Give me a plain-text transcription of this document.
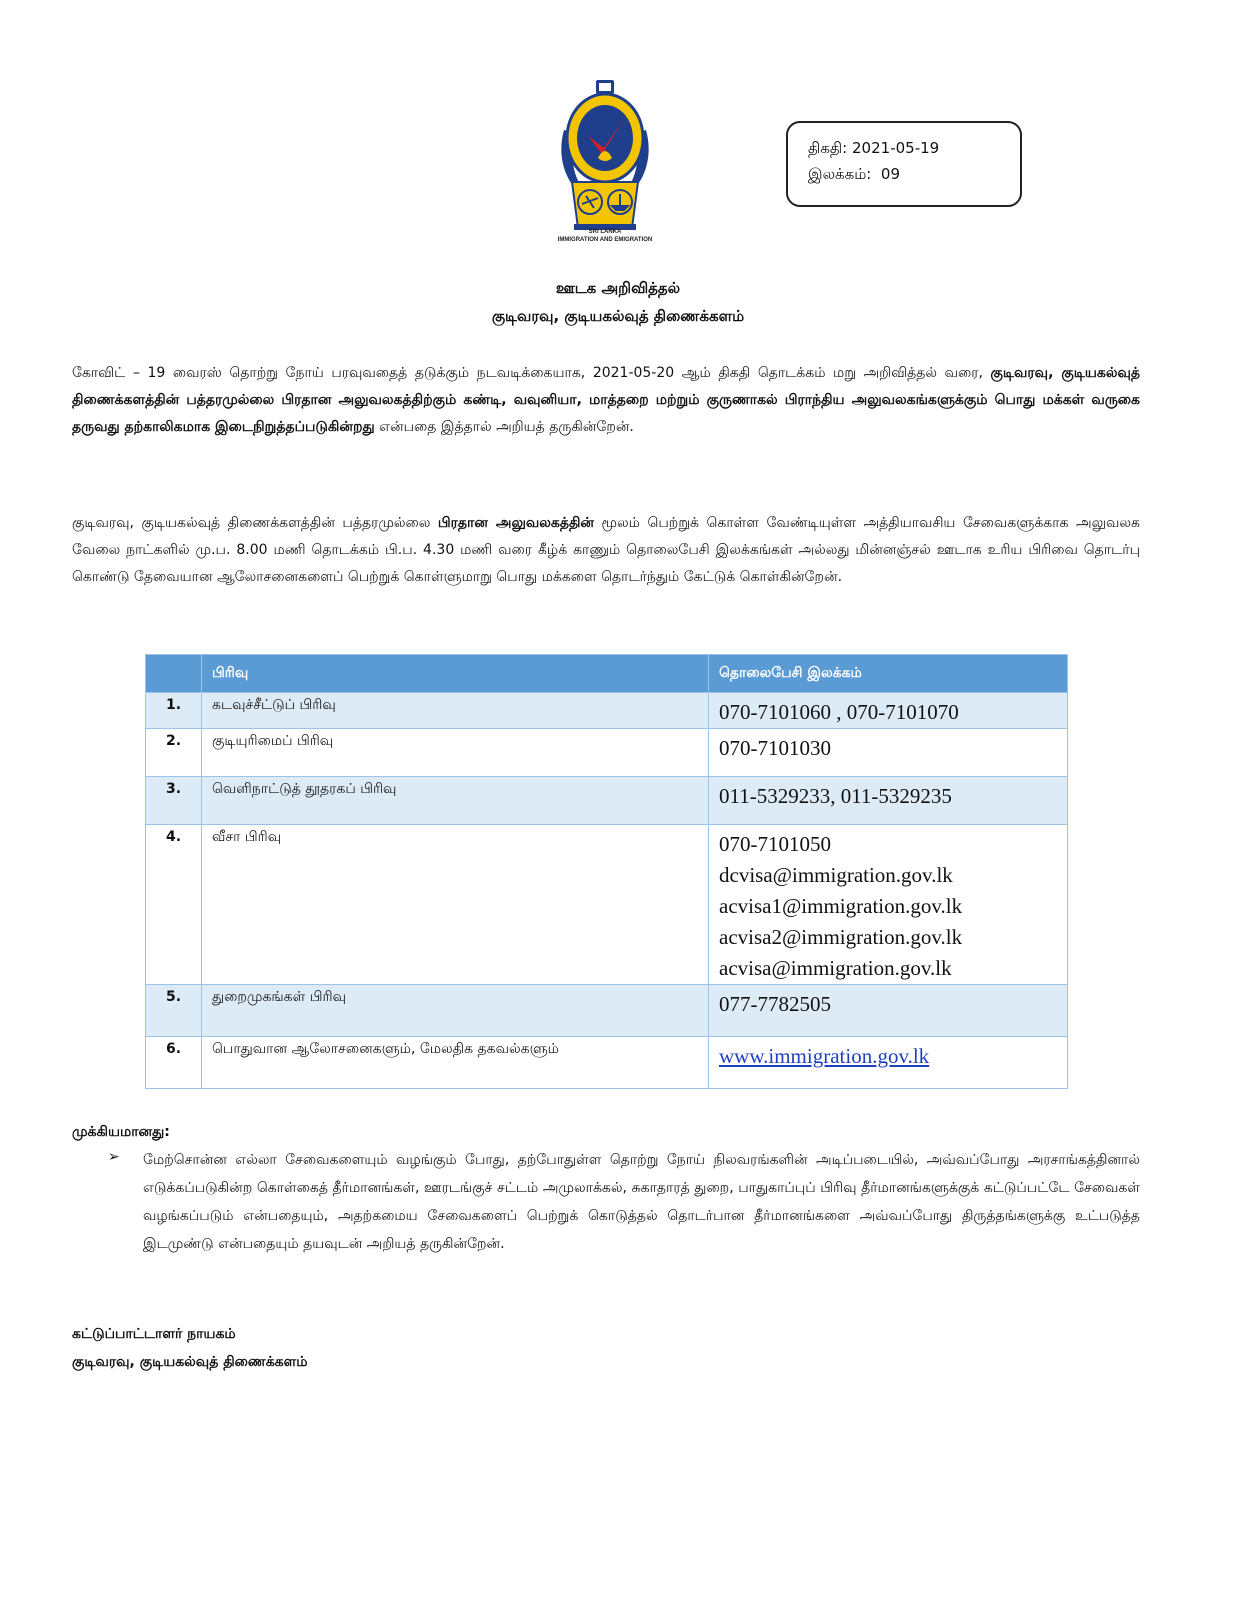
SRI LANKA
IMMIGRATION AND EMIGRATION
திகதி: 2021-05-19
இலக்கம்: 09
ஊடக அறிவித்தல்
குடிவரவு, குடியகல்வுத் திணைக்களம்

கோவிட் – 19 வைரஸ் தொற்று நோய் பரவுவதைத் தடுக்கும் நடவடிக்கையாக, 2021-05-20 ஆம் திகதி தொடக்கம் மறு அறிவித்தல் வரை, குடிவரவு, குடியகல்வுத் திணைக்களத்தின் பத்தரமுல்லை பிரதான அலுவலகத்திற்கும் கண்டி, வவுனியா, மாத்தறை மற்றும் குருணாகல் பிராந்திய அலுவலகங்களுக்கும் பொது மக்கள் வருகை தருவது தற்காலிகமாக இடைநிறுத்தப்படுகின்றது என்பதை இத்தால் அறியத் தருகின்றேன்.

குடிவரவு, குடியகல்வுத் திணைக்களத்தின் பத்தரமுல்லை பிரதான அலுவலகத்தின் மூலம் பெற்றுக் கொள்ள வேண்டியுள்ள அத்தியாவசிய சேவைகளுக்காக அலுவலக வேலை நாட்களில் மு.ப. 8.00 மணி தொடக்கம் பி.ப. 4.30 மணி வரை கீழ்க் காணும் தொலைபேசி இலக்கங்கள் அல்லது மின்னஞ்சல் ஊடாக உரிய பிரிவை தொடர்பு கொண்டு தேவையான ஆலோசனைகளைப் பெற்றுக் கொள்ளுமாறு பொது மக்களை தொடர்ந்தும் கேட்டுக் கொள்கின்றேன்.

	பிரிவு	தொலைபேசி இலக்கம்
1.	கடவுச்சீட்டுப் பிரிவு	070-7101060 , 070-7101070

2.	குடியுரிமைப் பிரிவு	070-7101030

3.	வெளிநாட்டுத் தூதரகப் பிரிவு	011-5329233, 011-5329235

4.	வீசா பிரிவு	070-7101050
dcvisa@immigration.gov.lk
acvisa1@immigration.gov.lk
acvisa2@immigration.gov.lk
acvisa@immigration.gov.lk

5.	துறைமுகங்கள் பிரிவு	077-7782505

6.	பொதுவான ஆலோசனைகளும், மேலதிக தகவல்களும்	www.immigration.gov.lk
முக்கியமானது:
➢ மேற்சொன்ன எல்லா சேவைகளையும் வழங்கும் போது, தற்போதுள்ள தொற்று நோய் நிலவரங்களின் அடிப்படையில், அவ்வப்போது அரசாங்கத்தினால் எடுக்கப்படுகின்ற கொள்கைத் தீர்மானங்கள், ஊரடங்குச் சட்டம் அமுலாக்கல், சுகாதாரத் துறை, பாதுகாப்புப் பிரிவு தீர்மானங்களுக்குக் கட்டுப்பட்டே சேவைகள் வழங்கப்படும் என்பதையும், அதற்கமைய சேவைகளைப் பெற்றுக் கொடுத்தல் தொடர்பான தீர்மானங்களை அவ்வப்போது திருத்தங்களுக்கு உட்படுத்த இடமுண்டு என்பதையும் தயவுடன் அறியத் தருகின்றேன்.

கட்டுப்பாட்டாளர் நாயகம்
குடிவரவு, குடியகல்வுத் திணைக்களம்
